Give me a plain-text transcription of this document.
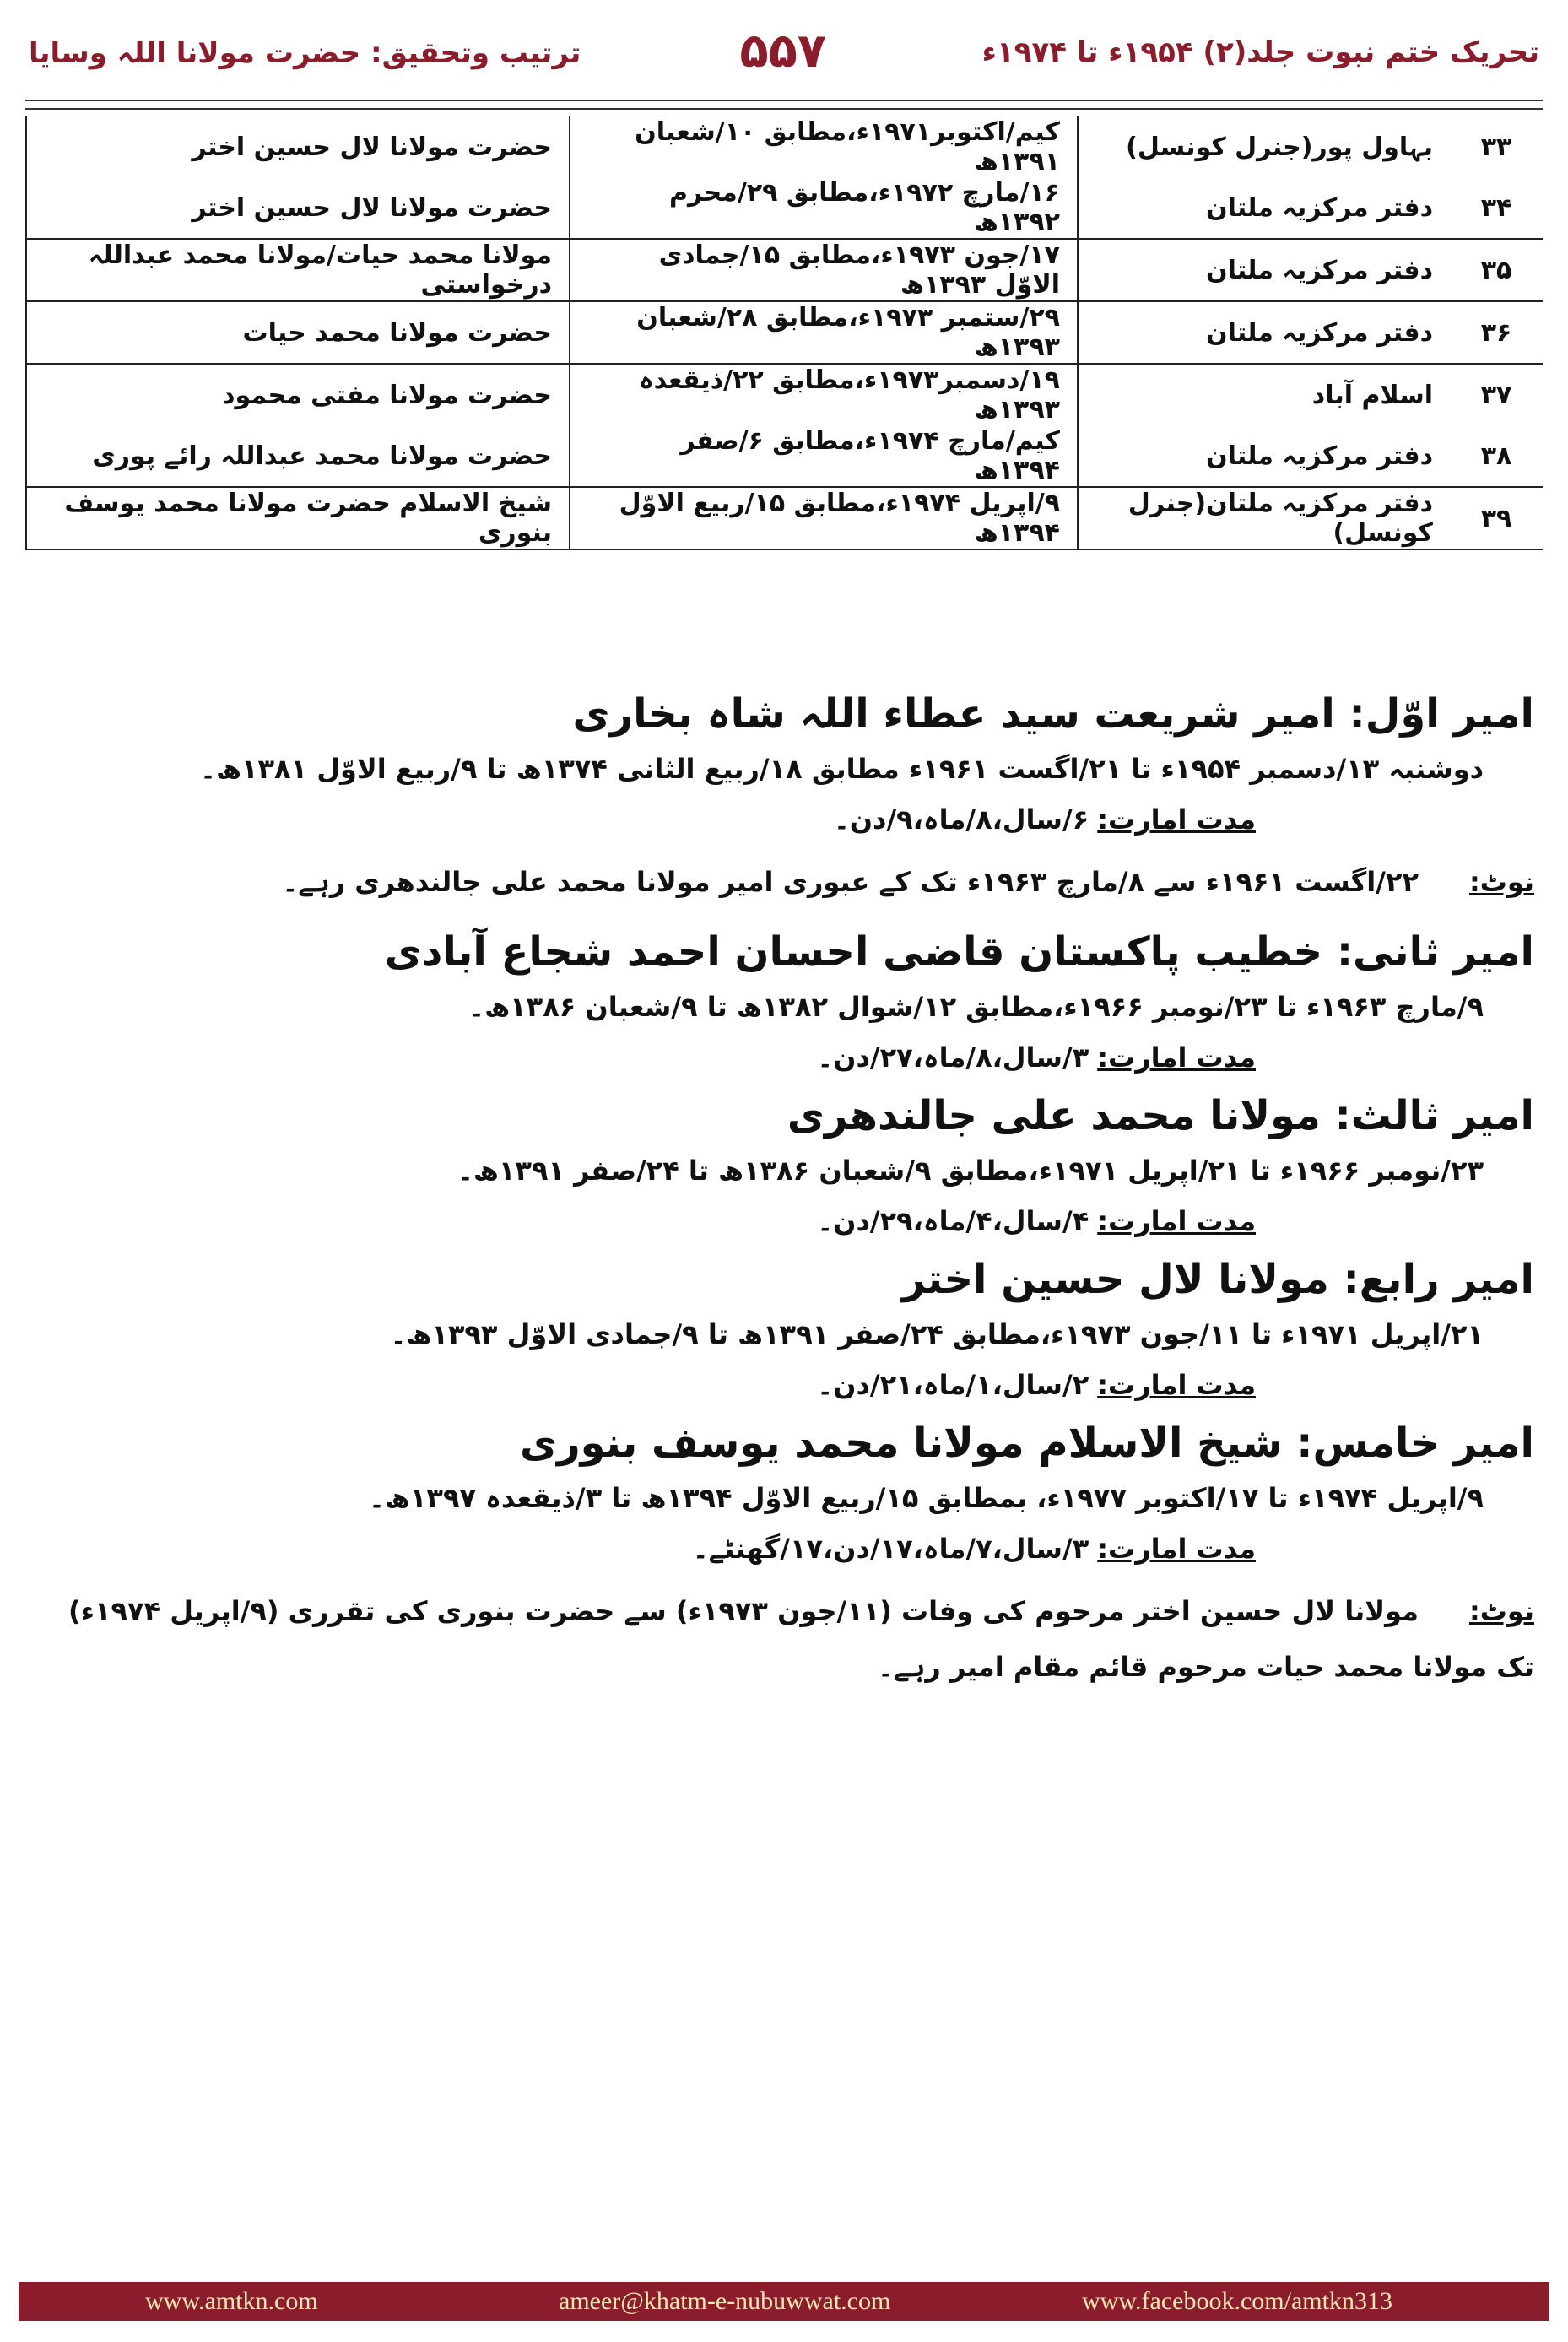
تحریک ختم نبوت جلد(۲) ۱۹۵۴ء تا ۱۹۷۴ء
۵۵۷
ترتیب وتحقیق: حضرت مولانا اللہ وسایا
۳۳	بہاول پور(جنرل کونسل)	کیم/اکتوبر۱۹۷۱ء،مطابق ۱۰/شعبان ۱۳۹۱ھ	حضرت مولانا لال حسین اختر
۳۴	دفتر مرکزیہ ملتان	۱۶/مارچ ۱۹۷۲ء،مطابق ۲۹/محرم ۱۳۹۲ھ	حضرت مولانا لال حسین اختر
۳۵	دفتر مرکزیہ ملتان	۱۷/جون ۱۹۷۳ء،مطابق ۱۵/جمادی الاوّل ۱۳۹۳ھ	مولانا محمد حیات/مولانا محمد عبداللہ درخواستی
۳۶	دفتر مرکزیہ ملتان	۲۹/ستمبر ۱۹۷۳ء،مطابق ۲۸/شعبان ۱۳۹۳ھ	حضرت مولانا محمد حیات
۳۷	اسلام آباد	۱۹/دسمبر۱۹۷۳ء،مطابق ۲۲/ذیقعدہ ۱۳۹۳ھ	حضرت مولانا مفتی محمود
۳۸	دفتر مرکزیہ ملتان	کیم/مارچ ۱۹۷۴ء،مطابق ۶/صفر ۱۳۹۴ھ	حضرت مولانا محمد عبداللہ رائے پوری
۳۹	دفتر مرکزیہ ملتان(جنرل کونسل)	۹/اپریل ۱۹۷۴ء،مطابق ۱۵/ربیع الاوّل ۱۳۹۴ھ	شیخ الاسلام حضرت مولانا محمد یوسف بنوری
امیر اوّل: امیر شریعت سید عطاء اللہ شاہ بخاری
دوشنبہ ۱۳/دسمبر ۱۹۵۴ء تا ۲۱/اگست ۱۹۶۱ء مطابق ۱۸/ربیع الثانی ۱۳۷۴ھ تا ۹/ربیع الاوّل ۱۳۸۱ھ۔
مدت امارت:۶/سال،۸/ماہ،۹/دن۔
نوٹ:۲۲/اگست ۱۹۶۱ء سے ۸/مارچ ۱۹۶۳ء تک کے عبوری امیر مولانا محمد علی جالندھری رہے۔
امیر ثانی: خطیب پاکستان قاضی احسان احمد شجاع آبادی
۹/مارچ ۱۹۶۳ء تا ۲۳/نومبر ۱۹۶۶ء،مطابق ۱۲/شوال ۱۳۸۲ھ تا ۹/شعبان ۱۳۸۶ھ۔
مدت امارت:۳/سال،۸/ماہ،۲۷/دن۔
امیر ثالث: مولانا محمد علی جالندھری
۲۳/نومبر ۱۹۶۶ء تا ۲۱/اپریل ۱۹۷۱ء،مطابق ۹/شعبان ۱۳۸۶ھ تا ۲۴/صفر ۱۳۹۱ھ۔
مدت امارت:۴/سال،۴/ماہ،۲۹/دن۔
امیر رابع: مولانا لال حسین اختر
۲۱/اپریل ۱۹۷۱ء تا ۱۱/جون ۱۹۷۳ء،مطابق ۲۴/صفر ۱۳۹۱ھ تا ۹/جمادی الاوّل ۱۳۹۳ھ۔
مدت امارت:۲/سال،۱/ماہ،۲۱/دن۔
امیر خامس: شیخ الاسلام مولانا محمد یوسف بنوری
۹/اپریل ۱۹۷۴ء تا ۱۷/اکتوبر ۱۹۷۷ء، بمطابق ۱۵/ربیع الاوّل ۱۳۹۴ھ تا ۳/ذیقعدہ ۱۳۹۷ھ۔
مدت امارت:۳/سال،۷/ماہ،۱۷/دن،۱۷/گھنٹے۔
نوٹ:مولانا لال حسین اختر مرحوم کی وفات (۱۱/جون ۱۹۷۳ء) سے حضرت بنوری کی تقرری (۹/اپریل ۱۹۷۴ء) تک مولانا محمد حیات مرحوم قائم مقام امیر رہے۔
www.amtkn.com	ameer@khatm-e-nubuwwat.com	www.facebook.com/amtkn313
